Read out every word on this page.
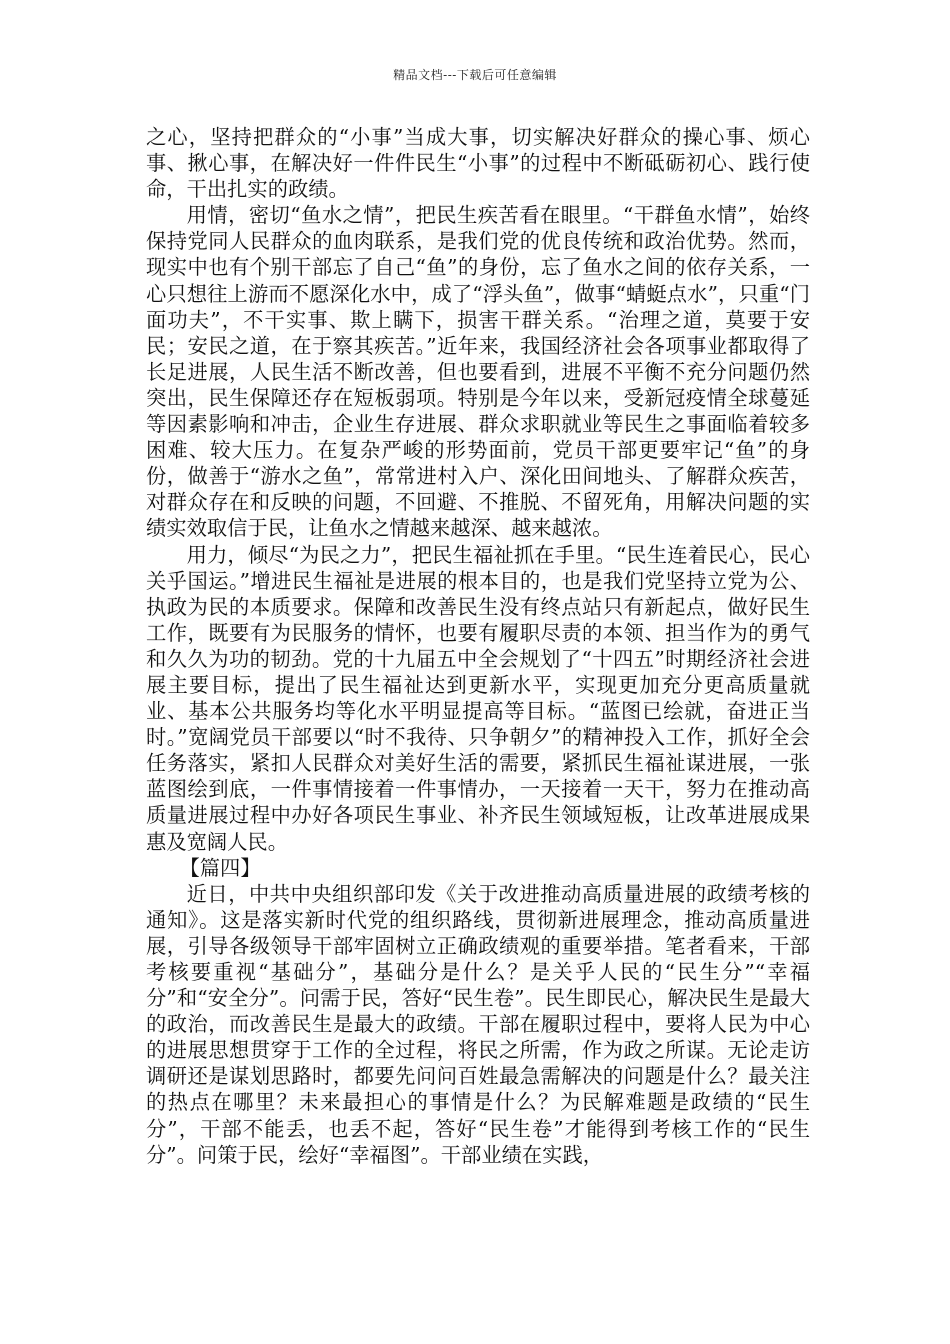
精品文档---下载后可任意编辑

之心，坚持把群众的“小事”当成大事，切实解决好群众的操心事、烦心事、揪心事，在解决好一件件民生“小事”的过程中不断砥砺初心、践行使命，干出扎实的政绩。

用情，密切“鱼水之情”，把民生疾苦看在眼里。“干群鱼水情”，始终保持党同人民群众的血肉联系，是我们党的优良传统和政治优势。然而，现实中也有个别干部忘了自己“鱼”的身份，忘了鱼水之间的依存关系，一心只想往上游而不愿深化水中，成了“浮头鱼”，做事“蜻蜓点水”，只重“门面功夫”，不干实事、欺上瞒下，损害干群关系。“治理之道，莫要于安民；安民之道，在于察其疾苦。”近年来，我国经济社会各项事业都取得了长足进展，人民生活不断改善，但也要看到，进展不平衡不充分问题仍然突出，民生保障还存在短板弱项。特别是今年以来，受新冠疫情全球蔓延等因素影响和冲击，企业生存进展、群众求职就业等民生之事面临着较多困难、较大压力。在复杂严峻的形势面前，党员干部更要牢记“鱼”的身份，做善于“游水之鱼”，常常进村入户、深化田间地头、了解群众疾苦，对群众存在和反映的问题，不回避、不推脱、不留死角，用解决问题的实绩实效取信于民，让鱼水之情越来越深、越来越浓。

用力，倾尽“为民之力”，把民生福祉抓在手里。“民生连着民心，民心关乎国运。”增进民生福祉是进展的根本目的，也是我们党坚持立党为公、执政为民的本质要求。保障和改善民生没有终点站只有新起点，做好民生工作，既要有为民服务的情怀，也要有履职尽责的本领、担当作为的勇气和久久为功的韧劲。党的十九届五中全会规划了“十四五”时期经济社会进展主要目标，提出了民生福祉达到更新水平，实现更加充分更高质量就业、基本公共服务均等化水平明显提高等目标。“蓝图已绘就，奋进正当时。”宽阔党员干部要以“时不我待、只争朝夕”的精神投入工作，抓好全会任务落实，紧扣人民群众对美好生活的需要，紧抓民生福祉谋进展，一张蓝图绘到底，一件事情接着一件事情办，一天接着一天干，努力在推动高质量进展过程中办好各项民生事业、补齐民生领域短板，让改革进展成果惠及宽阔人民。

【篇四】

近日，中共中央组织部印发《关于改进推动高质量进展的政绩考核的通知》。这是落实新时代党的组织路线，贯彻新进展理念，推动高质量进展，引导各级领导干部牢固树立正确政绩观的重要举措。笔者看来，干部考核要重视“基础分”，基础分是什么？是关乎人民的“民生分”“幸福分”和“安全分”。问需于民，答好“民生卷”。民生即民心，解决民生是最大的政治，而改善民生是最大的政绩。干部在履职过程中，要将人民为中心的进展思想贯穿于工作的全过程，将民之所需，作为政之所谋。无论走访调研还是谋划思路时，都要先问问百姓最急需解决的问题是什么？最关注的热点在哪里？未来最担心的事情是什么？为民解难题是政绩的“民生分”，干部不能丢，也丢不起，答好“民生卷”才能得到考核工作的“民生分”。问策于民，绘好“幸福图”。干部业绩在实践，
